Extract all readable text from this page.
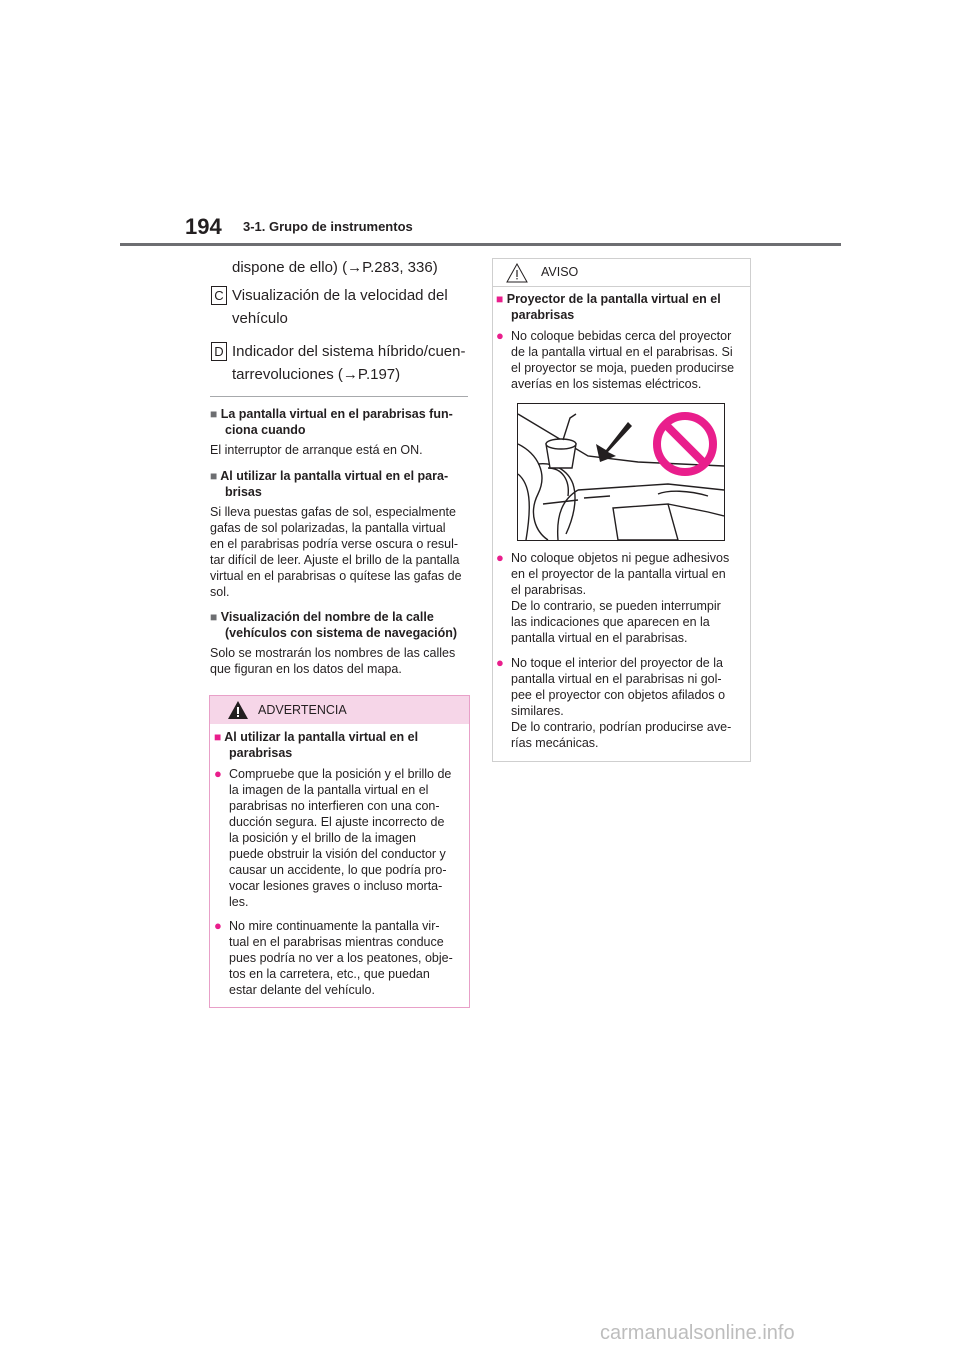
194 3-1. Grupo de instrumentos
dispone de ello) (→P.283, 336)
C Visualización de la velocidad del
vehículo
D Indicador del sistema híbrido/cuen-
tarrevoluciones (→P.197)
■ La pantalla virtual en el parabrisas fun-
ciona cuando
El interruptor de arranque está en ON.
■ Al utilizar la pantalla virtual en el para-
brisas
Si lleva puestas gafas de sol, especialmente
gafas de sol polarizadas, la pantalla virtual
en el parabrisas podría verse oscura o resul-
tar difícil de leer. Ajuste el brillo de la pantalla
virtual en el parabrisas o quítese las gafas de
sol.
■ Visualización del nombre de la calle
(vehículos con sistema de navegación)
Solo se mostrarán los nombres de las calles
que figuran en los datos del mapa.
ADVERTENCIA
■ Al utilizar la pantalla virtual en el
parabrisas
● Compruebe que la posición y el brillo de
la imagen de la pantalla virtual en el
parabrisas no interfieren con una con-
ducción segura. El ajuste incorrecto de
la posición y el brillo de la imagen
puede obstruir la visión del conductor y
causar un accidente, lo que podría pro-
vocar lesiones graves o incluso morta-
les.
● No mire continuamente la pantalla vir-
tual en el parabrisas mientras conduce
pues podría no ver a los peatones, obje-
tos en la carretera, etc., que puedan
estar delante del vehículo.
AVISO
■ Proyector de la pantalla virtual en el
parabrisas
● No coloque bebidas cerca del proyector
de la pantalla virtual en el parabrisas. Si
el proyector se moja, pueden producirse
averías en los sistemas eléctricos.
● No coloque objetos ni pegue adhesivos
en el proyector de la pantalla virtual en
el parabrisas.
De lo contrario, se pueden interrumpir
las indicaciones que aparecen en la
pantalla virtual en el parabrisas.
● No toque el interior del proyector de la
pantalla virtual en el parabrisas ni gol-
pee el proyector con objetos afilados o
similares.
De lo contrario, podrían producirse ave-
rías mecánicas.
carmanualsonline.info
